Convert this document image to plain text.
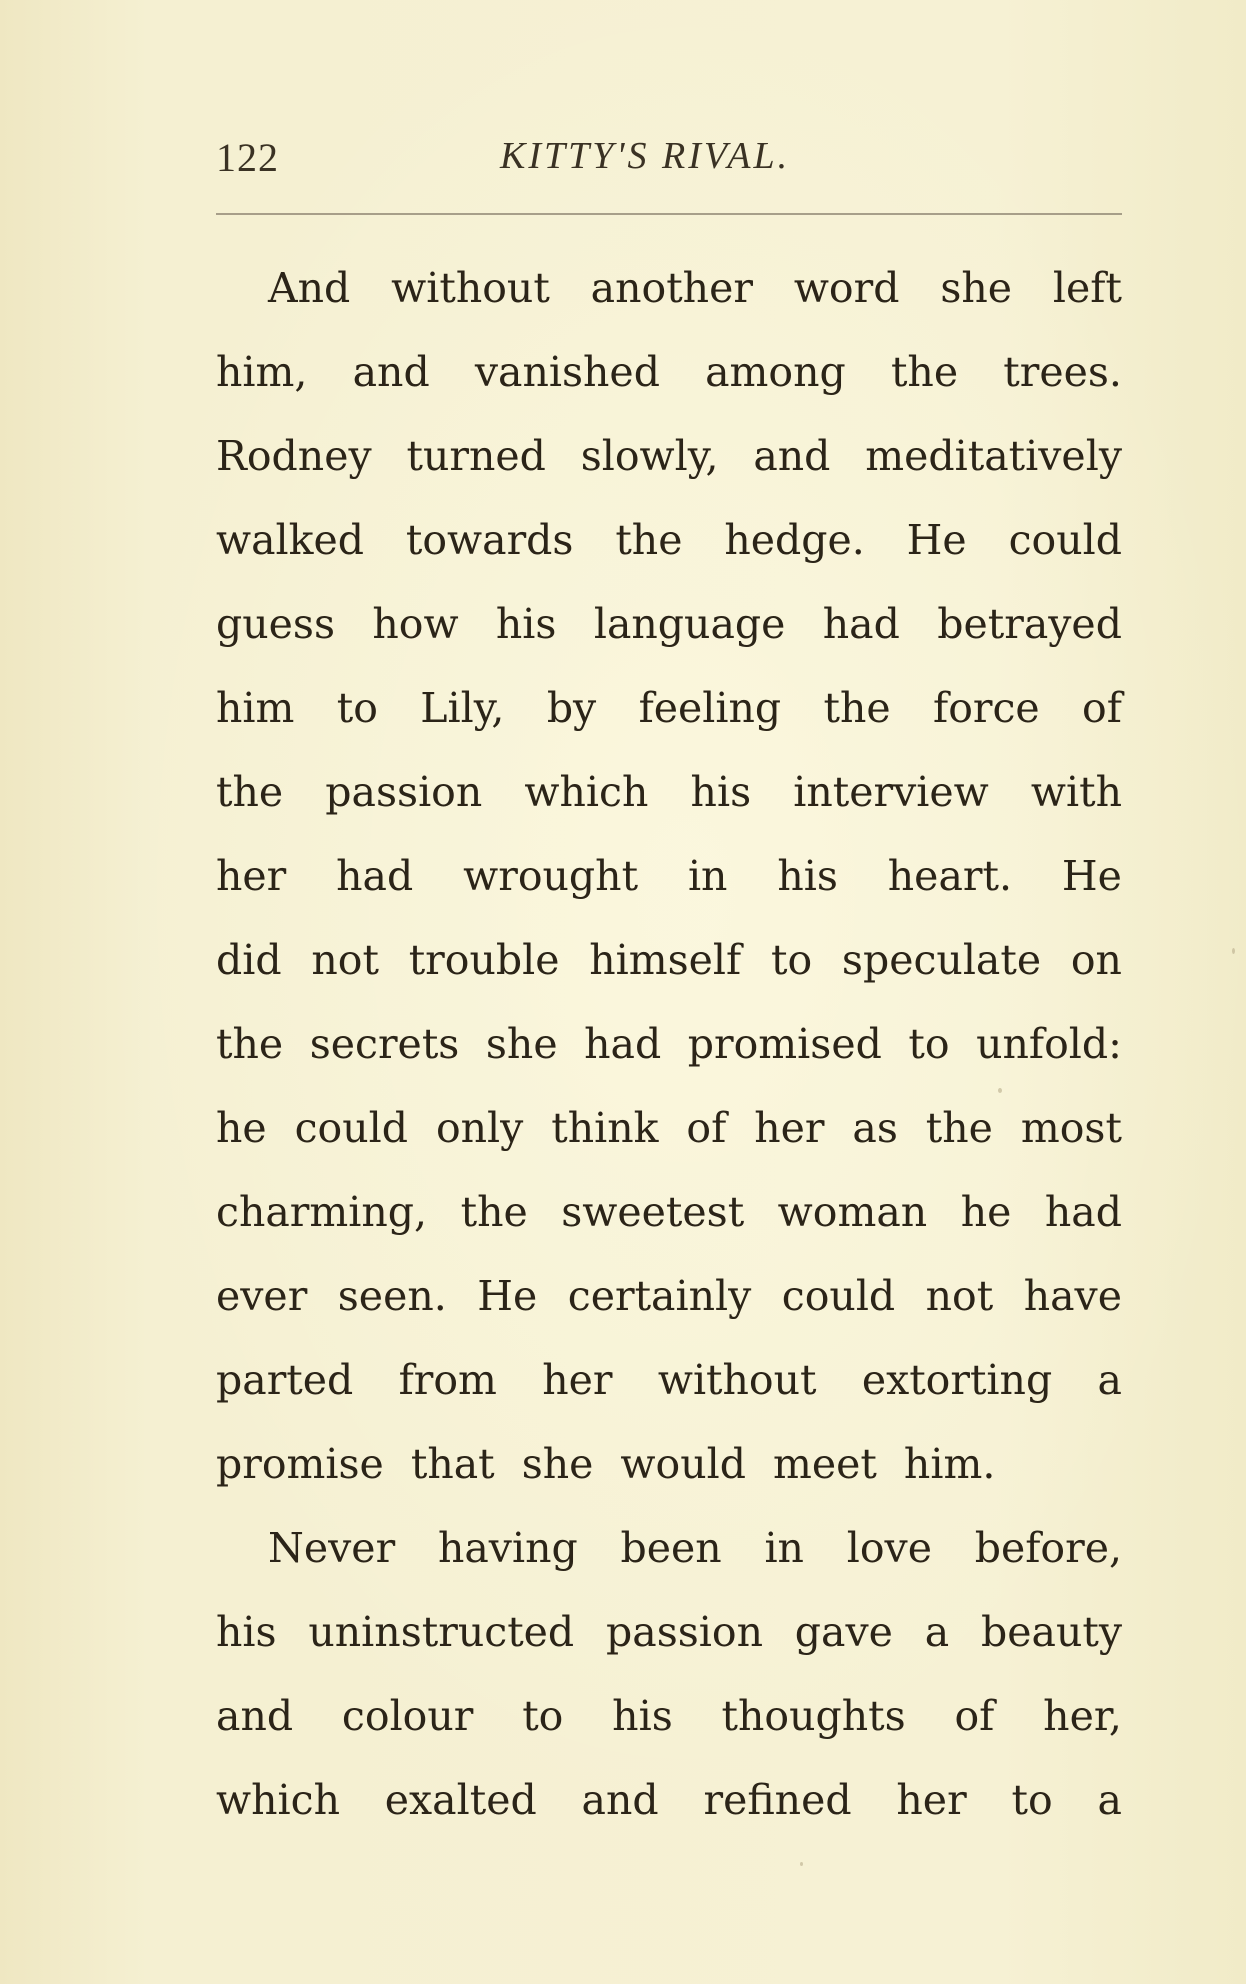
122	KITTY'S RIVAL.
And without another word she left
him, and vanished among the trees.
Rodney turned slowly, and meditatively
walked towards the hedge. He could
guess how his language had betrayed
him to Lily, by feeling the force of
the passion which his interview with
her had wrought in his heart. He
did not trouble himself to speculate on
the secrets she had promised to unfold:
he could only think of her as the most
charming, the sweetest woman he had
ever seen. He certainly could not have
parted from her without extorting a
promise that she would meet him.
Never having been in love before,
his uninstructed passion gave a beauty
and colour to his thoughts of her,
which exalted and refined her to a
